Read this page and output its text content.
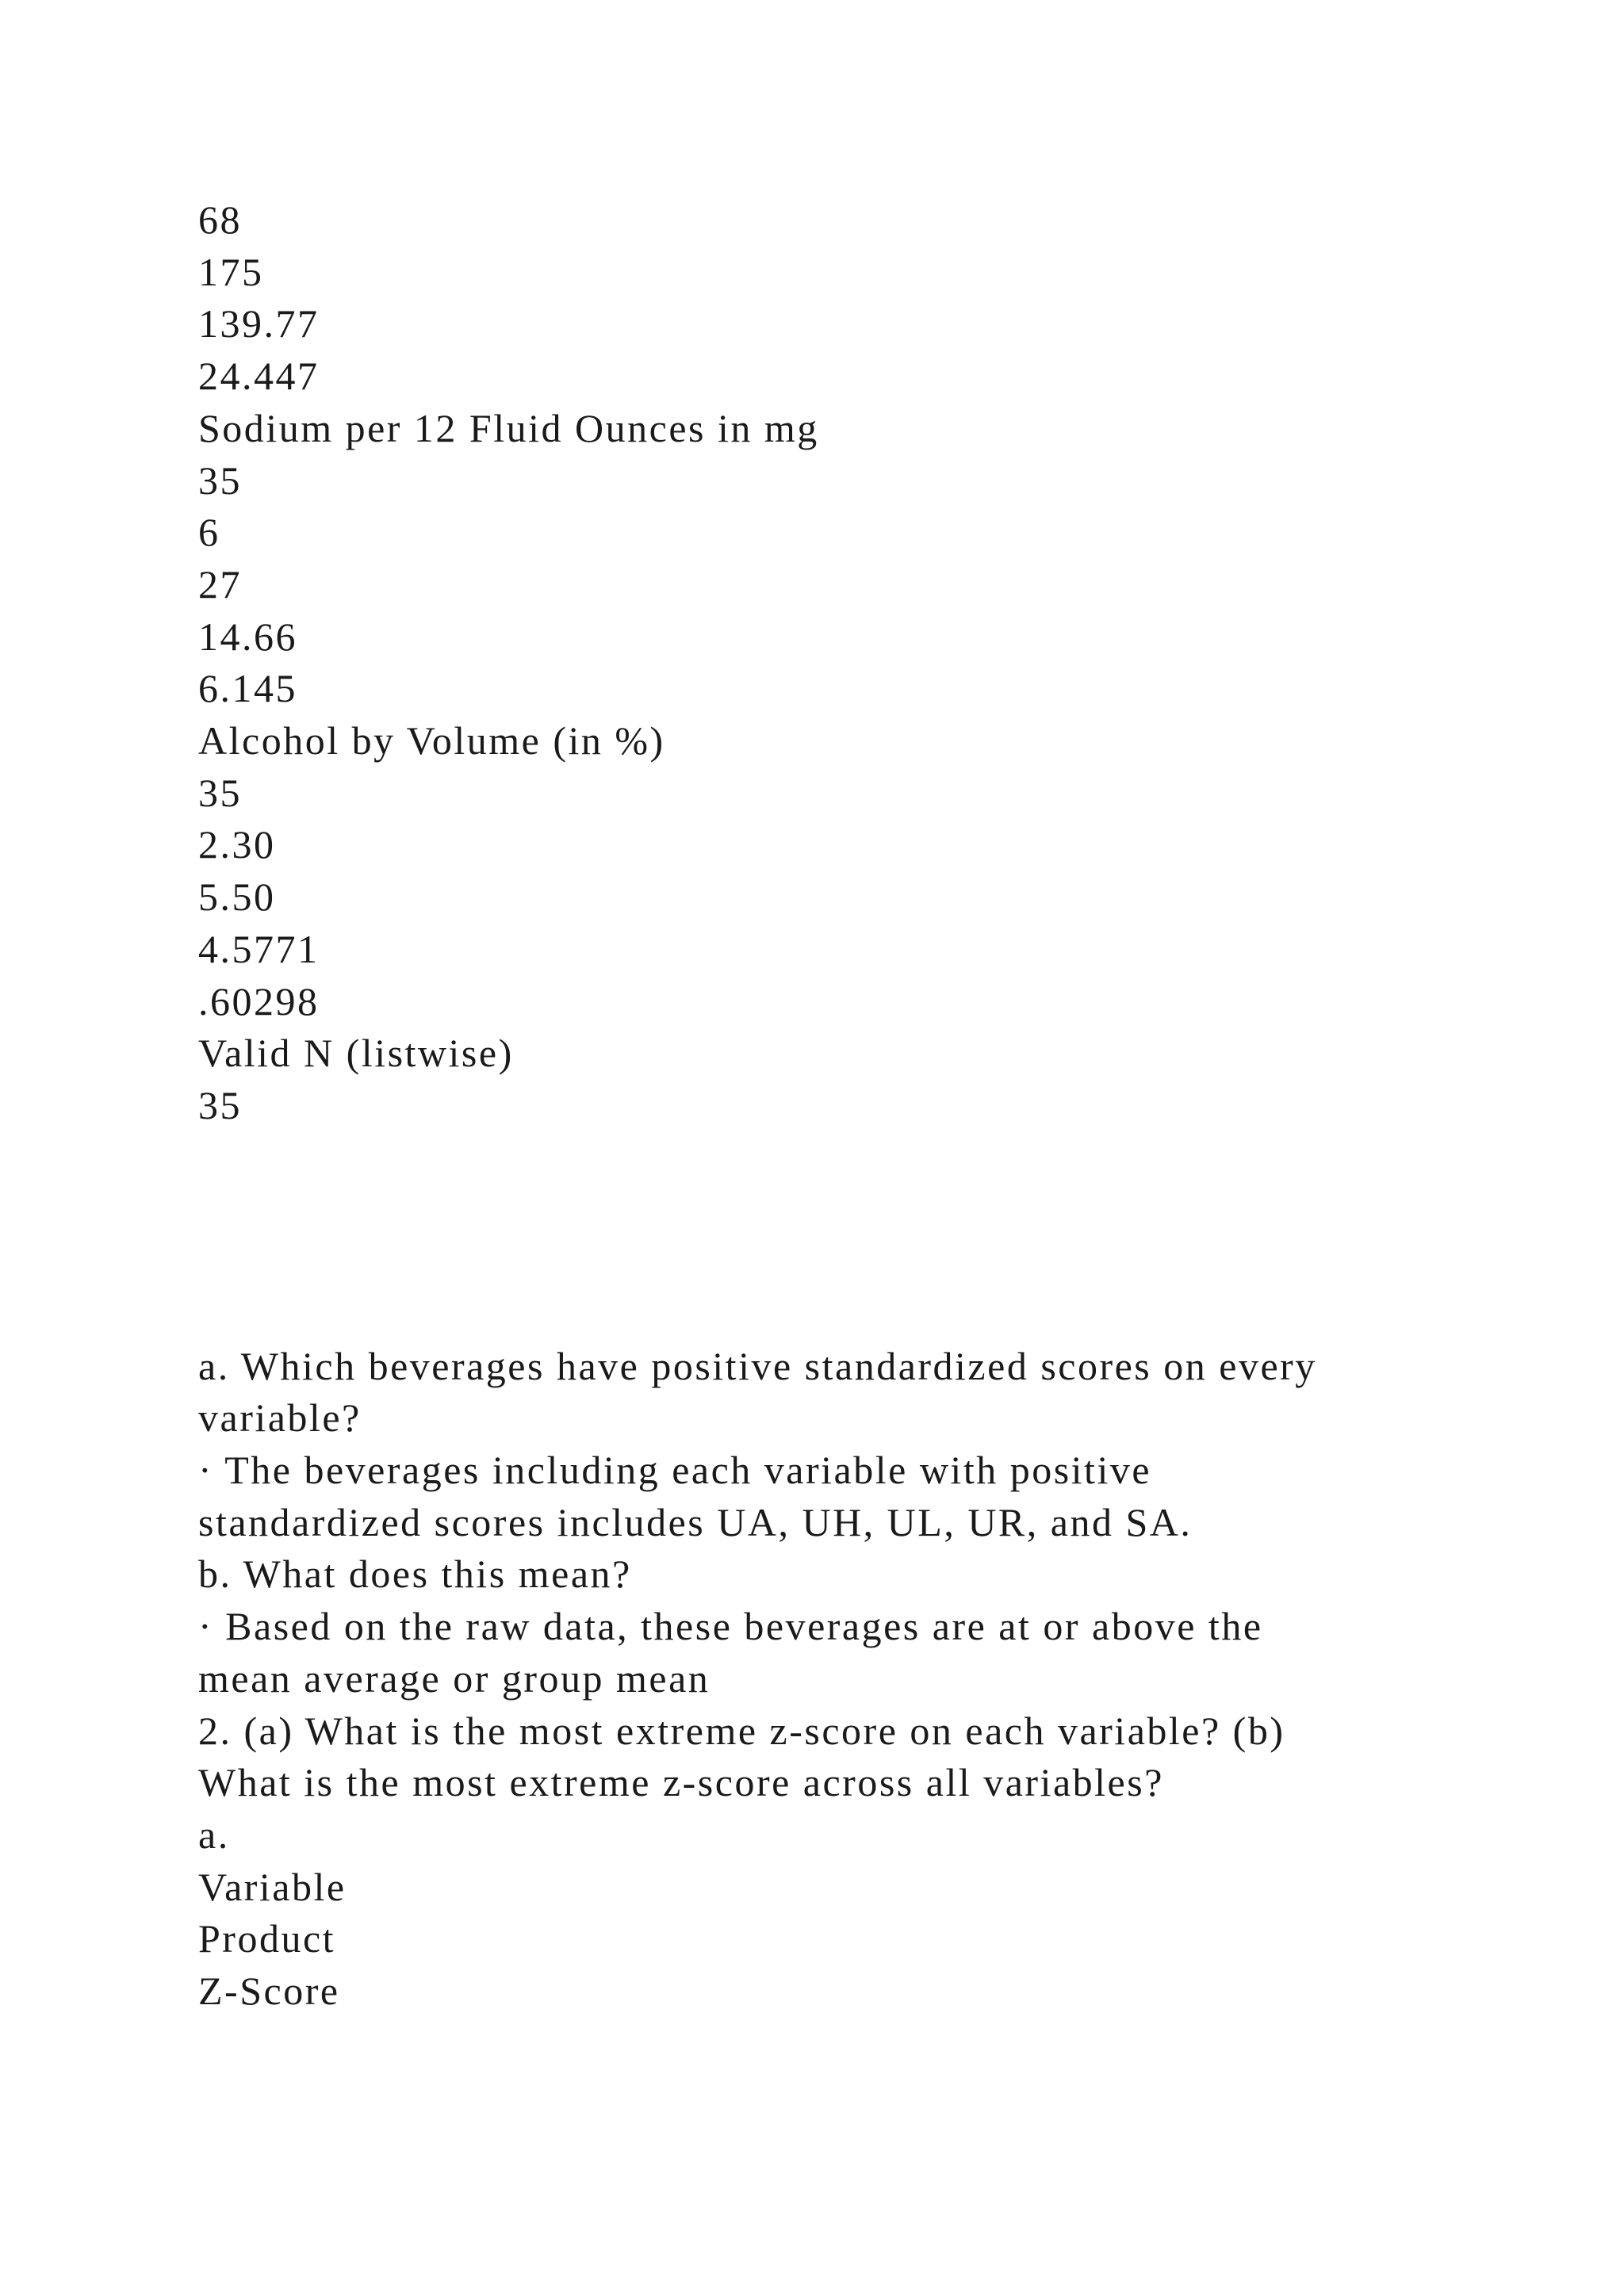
68

175

139.77

24.447

Sodium per 12 Fluid Ounces in mg

35

6

27

14.66

6.145

Alcohol by Volume (in %)

35

2.30

5.50

4.5771

.60298

Valid N (listwise)

35

a. Which beverages have positive standardized scores on every

variable?

· The beverages including each variable with positive

standardized scores includes UA, UH, UL, UR, and SA.

b. What does this mean?

· Based on the raw data, these beverages are at or above the

mean average or group mean

2. (a) What is the most extreme z-score on each variable? (b)

What is the most extreme z-score across all variables?

a.

Variable

Product

Z-Score
